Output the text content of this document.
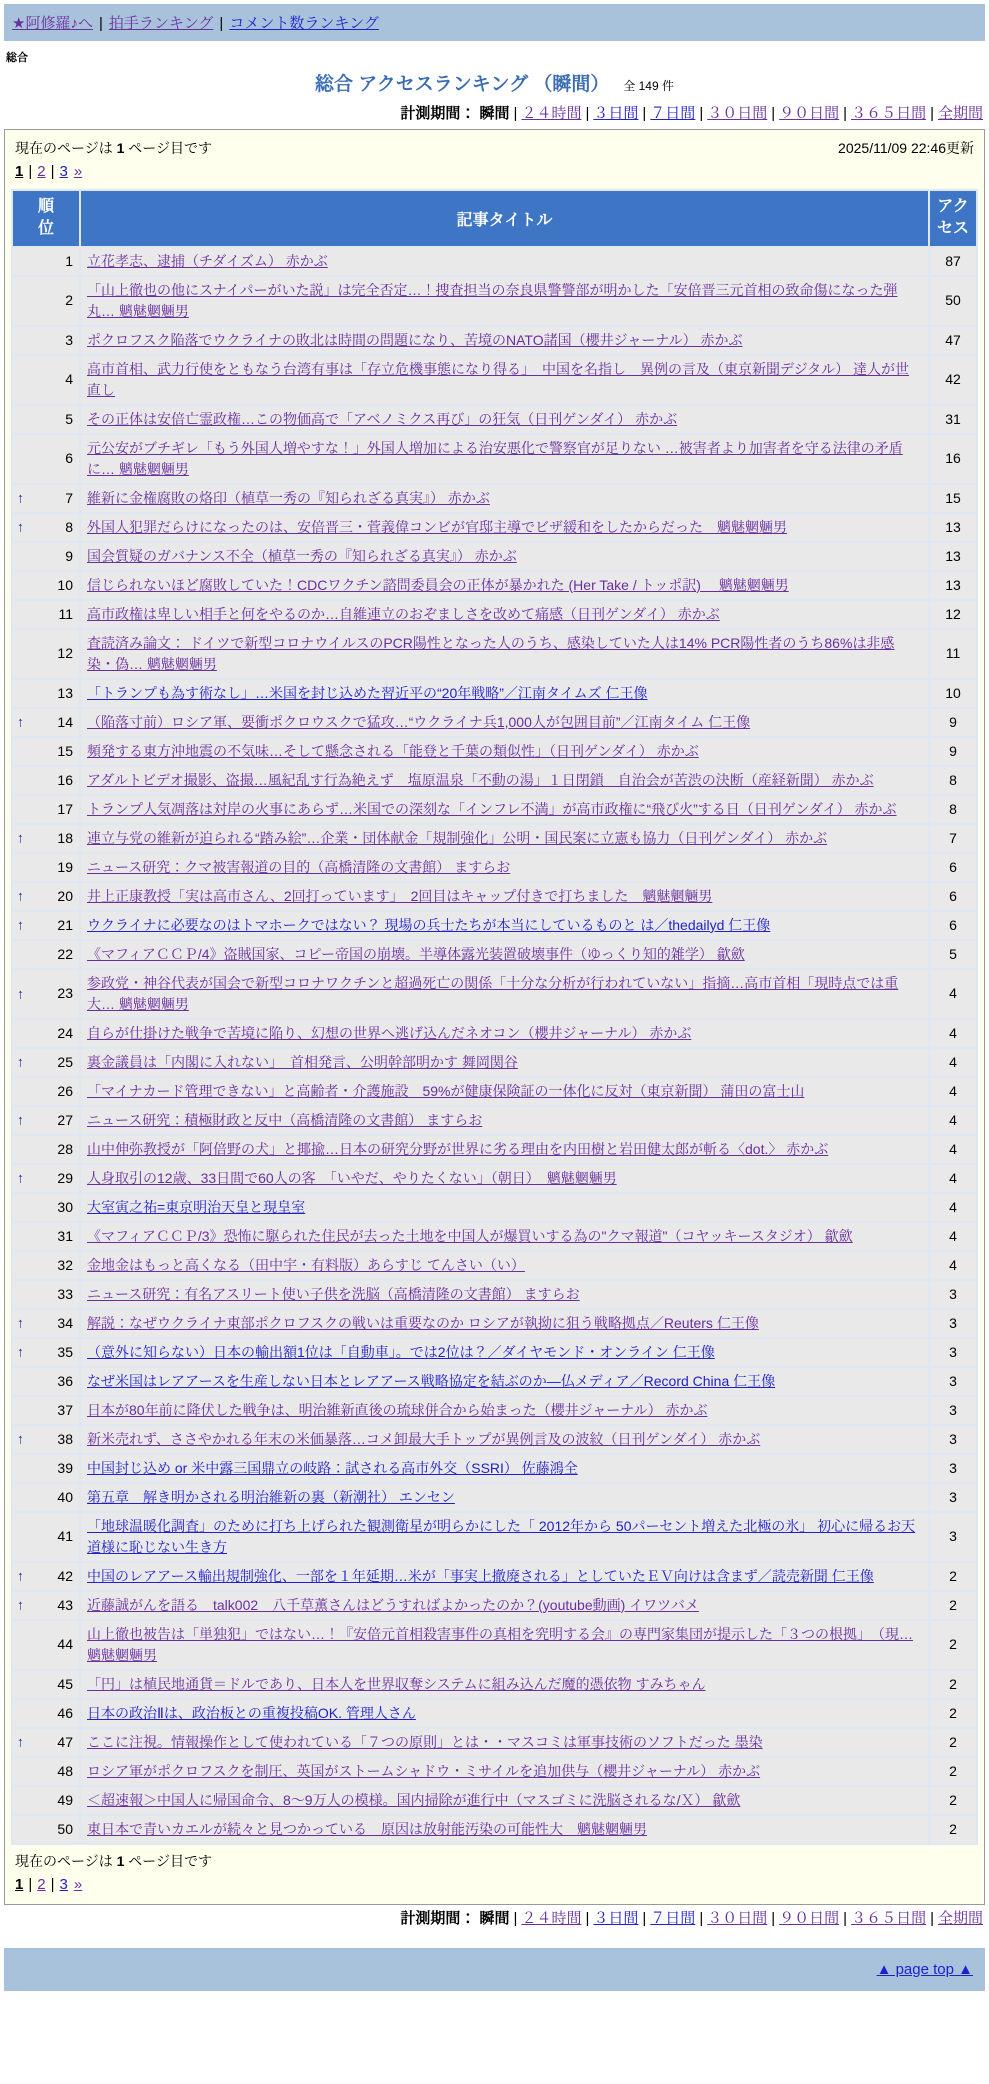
★阿修羅♪へ | 拍手ランキング | コメント数ランキング
総合
総合 アクセスランキング （瞬間） 全 149 件
計測期間： 瞬間 | ２４時間 | ３日間 | ７日間 | ３０日間 | ９０日間 | ３６５日間 | 全期間
現在のページは 1 ページ目です	2025/11/09 22:46更新
1 | 2 | 3 »
順位	記事タイトル	アクセス
1	立花孝志、逮捕（チダイズム） 赤かぶ	87
2	「山上徹也の他にスナイパーがいた説」は完全否定…！捜査担当の奈良県警警部が明かした「安倍晋三元首相の致命傷になった弾丸… 魑魅魍魎男	50
3	ポクロフスク陥落でウクライナの敗北は時間の問題になり、苦境のNATO諸国（櫻井ジャーナル） 赤かぶ	47
4	高市首相、武力行使をともなう台湾有事は「存立危機事態になり得る」　中国を名指し　異例の言及（東京新聞デジタル） 達人が世直し	42
5	その正体は安倍亡霊政権…この物価高で「アベノミクス再び」の狂気（日刊ゲンダイ） 赤かぶ	31
6	元公安がブチギレ「もう外国人増やすな！」外国人増加による治安悪化で警察官が足りない …被害者より加害者を守る法律の矛盾に… 魑魅魍魎男	16

↑ 7	維新に金権腐敗の烙印（植草一秀の『知られざる真実』） 赤かぶ	15

↑ 8	外国人犯罪だらけになったのは、安倍晋三・菅義偉コンビが官邸主導でビザ緩和をしたからだった　魑魅魍魎男	13
9	国会質疑のガバナンス不全（植草一秀の『知られざる真実』） 赤かぶ	13
10	信じられないほど腐敗していた！CDCワクチン諮問委員会の正体が暴かれた (Her Take / トッポ訳)　 魑魅魍魎男	13
11	高市政権は卑しい相手と何をやるのか…自維連立のおぞましさを改めて痛感（日刊ゲンダイ） 赤かぶ	12
12	査読済み論文： ドイツで新型コロナウイルスのPCR陽性となった人のうち、感染していた人は14% PCR陽性者のうち86%は非感染・偽… 魑魅魍魎男	11
13	「トランプも為す術なし」…米国を封じ込めた習近平の“20年戦略”／江南タイムズ 仁王像	10

↑ 14	（陥落寸前）ロシア軍、要衝ポクロウスクで猛攻…“ウクライナ兵1,000人が包囲目前”／江南タイム 仁王像	9
15	頻発する東方沖地震の不気味…そして懸念される「能登と千葉の類似性」（日刊ゲンダイ） 赤かぶ	9
16	アダルトビデオ撮影、盗撮…風紀乱す行為絶えず　塩原温泉「不動の湯」１日閉鎖　自治会が苦渋の決断（産経新聞） 赤かぶ	8
17	トランプ人気凋落は対岸の火事にあらず…米国での深刻な「インフレ不満」が高市政権に“飛び火”する日（日刊ゲンダイ） 赤かぶ	8

↑ 18	連立与党の維新が迫られる“踏み絵”…企業・団体献金「規制強化」公明・国民案に立憲も協力（日刊ゲンダイ） 赤かぶ	7
19	ニュース研究：クマ被害報道の目的（高橋清隆の文書館） ますらお	6

↑ 20	井上正康教授「実は高市さん、2回打っています」　2回目はキャップ付きで打ちました　魑魅魍魎男	6

↑ 21	ウクライナに必要なのはトマホークではない？ 現場の兵士たちが本当にしているものと は／thedailyd 仁王像	6
22	《マフィアＣＣＰ/4》盗賊国家、コピー帝国の崩壊。半導体露光装置破壊事件（ゆっくり知的雑学） 歙歛	5

↑ 23	参政党・神谷代表が国会で新型コロナワクチンと超過死亡の関係「十分な分析が行われていない」指摘…高市首相「現時点では重大… 魑魅魍魎男	4
24	自らが仕掛けた戦争で苦境に陥り、幻想の世界へ逃げ込んだネオコン（櫻井ジャーナル） 赤かぶ	4

↑ 25	裏金議員は「内閣に入れない」　首相発言、公明幹部明かす 舞岡関谷	4
26	「マイナカード管理できない」と高齢者・介護施設　59%が健康保険証の一体化に反対（東京新聞） 蒲田の富士山	4

↑ 27	ニュース研究：積極財政と反中（高橋清隆の文書館） ますらお	4
28	山中伸弥教授が「阿倍野の犬」と揶揄…日本の研究分野が世界に劣る理由を内田樹と岩田健太郎が斬る〈dot.〉 赤かぶ	4

↑ 29	人身取引の12歳、33日間で60人の客　「いやだ、やりたくない」（朝日）　魑魅魍魎男	4
30	大室寅之祐=東京明治天皇と現皇室	4
31	《マフィアＣＣＰ/3》恐怖に駆られた住民が去った土地を中国人が爆買いする為の"クマ報道"（コヤッキースタジオ） 歙歛	4
32	金地金はもっと高くなる（田中宇・有料版）あらすじ てんさい（い）	4
33	ニュース研究：有名アスリート使い子供を洗脳（高橋清隆の文書館） ますらお	3

↑ 34	解説：なぜウクライナ東部ポクロフスクの戦いは重要なのか ロシアが執拗に狙う戦略拠点／Reuters 仁王像	3

↑ 35	（意外に知らない）日本の輸出額1位は「自動車」。では2位は？／ダイヤモンド・オンライン 仁王像	3
36	なぜ米国はレアアースを生産しない日本とレアアース戦略協定を結ぶのか―仏メディア／Record China 仁王像	3
37	日本が80年前に降伏した戦争は、明治維新直後の琉球併合から始まった（櫻井ジャーナル） 赤かぶ	3

↑ 38	新米売れず、ささやかれる年末の米価暴落…コメ卸最大手トップが異例言及の波紋（日刊ゲンダイ） 赤かぶ	3
39	中国封じ込め or 米中露三国鼎立の岐路：試される高市外交（SSRI） 佐藤鴻全	3
40	第五章　解き明かされる明治維新の裏（新潮社） エンセン	3
41	「地球温暖化調査」のために打ち上げられた観測衛星が明らかにした「 2012年から 50パーセント増えた北極の氷」 初心に帰るお天道様に恥じない生き方	3

↑ 42	中国のレアアース輸出規制強化、一部を１年延期…米が「事実上撤廃される」としていたＥＶ向けは含まず／読売新聞 仁王像	2

↑ 43	近藤誠がんを語る　talk002　八千草薫さんはどうすればよかったのか？(youtube動画) イワツバメ	2
44	山上徹也被告は「単独犯」ではない…！『安倍元首相殺害事件の真相を究明する会』の専門家集団が提示した「３つの根拠」　（現… 魑魅魍魎男	2
45	「円」は植民地通貨＝ドルであり、日本人を世界収奪システムに組み込んだ魔的憑依物 すみちゃん	2
46	日本の政治Ⅱは、政治板との重複投稿OK. 管理人さん	2

↑ 47	ここに注視。情報操作として使われている「７つの原則」とは・・マスコミは軍事技術のソフトだった 墨染	2
48	ロシア軍がポクロフスクを制圧、英国がストームシャドウ・ミサイルを追加供与（櫻井ジャーナル） 赤かぶ	2
49	＜超速報＞中国人に帰国命令、8〜9万人の模様。国内掃除が進行中（マスゴミに洗脳されるな/Ｘ） 歙歛	2
50	東日本で青いカエルが続々と見つかっている　原因は放射能汚染の可能性大　魑魅魍魎男	2
現在のページは 1 ページ目です
1 | 2 | 3 »
計測期間： 瞬間 | ２４時間 | ３日間 | ７日間 | ３０日間 | ９０日間 | ３６５日間 | 全期間
▲ page top ▲
